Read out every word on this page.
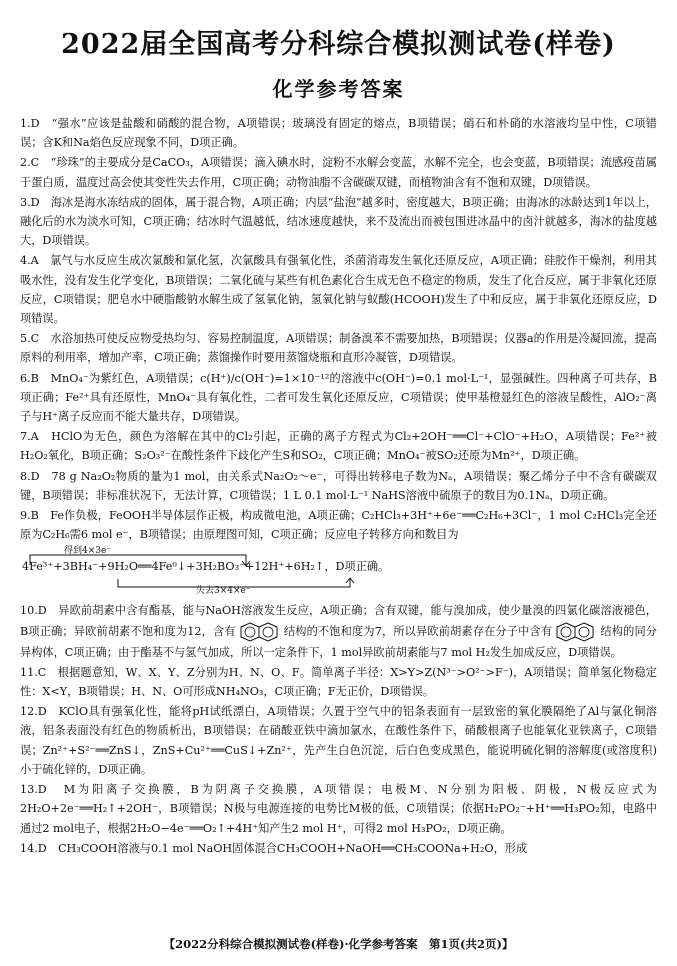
2022届全国高考分科综合模拟测试卷(样卷)
化学参考答案

1.D　“强水”应该是盐酸和硝酸的混合物，A项错误；玻璃没有固定的熔点，B项错误；硝石和朴硝的水溶液均呈中性，C项错误；含K和Na焰色反应现象不同，D项正确。

2.C　“珍珠”的主要成分是CaCO₃，A项错误；滴入碘水时，淀粉不水解会变蓝，水解不完全，也会变蓝，B项错误；流感疫苗属于蛋白质，温度过高会使其变性失去作用，C项正确；动物油脂不含碳碳双键，而植物油含有不饱和双键，D项错误。

3.D　海冰是海水冻结成的固体，属于混合物，A项正确；内层“盐泡”越多时，密度越大，B项正确；由海冰的冰龄达到1年以上，融化后的水为淡水可知，C项正确；结冰时气温越低，结冰速度越快，来不及流出而被包围进冰晶中的卤汁就越多，海冰的盐度越大，D项错误。

4.A　氯气与水反应生成次氯酸和氯化氢，次氯酸具有强氧化性，杀菌消毒发生氧化还原反应，A项正确；硅胶作干燥剂，利用其吸水性，没有发生化学变化，B项错误；二氧化硫与某些有机色素化合生成无色不稳定的物质，发生了化合反应，属于非氧化还原反应，C项错误；肥皂水中硬脂酸钠水解生成了氢氧化钠，氢氧化钠与蚁酸(HCOOH)发生了中和反应，属于非氧化还原反应，D项错误。

5.C　水浴加热可使反应物受热均匀、容易控制温度，A项错误；制备溴苯不需要加热，B项错误；仪器a的作用是冷凝回流，提高原料的利用率，增加产率，C项正确；蒸馏操作时要用蒸馏烧瓶和直形冷凝管，D项错误。

6.B　MnO₄⁻为紫红色，A项错误；c(H⁺)/c(OH⁻)=1×10⁻¹²的溶液中c(OH⁻)=0.1 mol·L⁻¹，显强碱性。四种离子可共存，B项正确；Fe²⁺具有还原性，MnO₄⁻具有氧化性，二者可发生氧化还原反应，C项错误；使甲基橙显红色的溶液呈酸性，AlO₂⁻离子与H⁺离子反应而不能大量共存，D项错误。

7.A　HClO为无色，颜色为溶解在其中的Cl₂引起，正确的离子方程式为Cl₂+2OH⁻══Cl⁻+ClO⁻+H₂O，A项错误；Fe²⁺被H₂O₂氧化，B项正确；S₂O₃²⁻在酸性条件下歧化产生S和SO₂，C项正确；MnO₄⁻被SO₂还原为Mn²⁺，D项正确。

8.D　78 g Na₂O₂物质的量为1 mol，由关系式Na₂O₂～e⁻，可得出转移电子数为Nₐ，A项错误；聚乙烯分子中不含有碳碳双键，B项错误；非标准状况下，无法计算，C项错误；1 L 0.1 mol·L⁻¹ NaHS溶液中硫原子的数目为0.1Nₐ，D项正确。

9.B　Fe作负极，FeOOH半导体层作正极，构成微电池，A项正确；C₂HCl₃+3H⁺+6e⁻══C₂H₆+3Cl⁻，1 mol C₂HCl₃完全还原为C₂H₆需6 mol e⁻，B项错误；由原理图可知，C项正确；反应电子转移方向和数目为

得到4×3e⁻
4Fe³⁺+3BH₄⁻+9H₂O══4Fe⁰↓+3H₂BO₃⁻+12H⁺+6H₂↑，D项正确。
失去3×4×e⁻

10.D　异欧前胡素中含有酯基，能与NaOH溶液发生反应，A项正确；含有双键，能与溴加成，使少量溴的四氯化碳溶液褪色，B项正确；异欧前胡素不饱和度为12，含有	结构的不饱和度为7，所以异欧前胡素存在分子中含有	结构的同分异构体，C项正确；由于酯基不与氢气加成，所以一定条件下，1 mol异欧前胡素能与7 mol H₂发生加成反应，D项错误。

11.C　根据题意知，W、X、Y、Z分别为H、N、O、F。简单离子半径：X>Y>Z(N³⁻>O²⁻>F⁻)，A项错误；简单氢化物稳定性：X<Y，B项错误；H、N、O可形成NH₄NO₃，C项正确；F无正价，D项错误。

12.D　KClO具有强氧化性，能将pH试纸漂白，A项错误；久置于空气中的铝条表面有一层致密的氧化膜隔绝了Al与氯化铜溶液，铝条表面没有红色的物质析出，B项错误；在硝酸亚铁中滴加氯水，在酸性条件下，硝酸根离子也能氧化亚铁离子，C项错误；Zn²⁺+S²⁻══ZnS↓，ZnS+Cu²⁺══CuS↓+Zn²⁺，先产生白色沉淀，后白色变成黑色，能说明硫化铜的溶解度(或溶度积)小于硫化锌的，D项正确。

13.D　M为阳离子交换膜，B为阴离子交换膜，A项错误；电极M、N分别为阳极、阴极，N极反应式为2H₂O+2e⁻══H₂↑+2OH⁻，B项错误；N极与电源连接的电势比M极的低，C项错误；依据H₂PO₂⁻+H⁺══H₃PO₂知，电路中通过2 mol电子，根据2H₂O−4e⁻══O₂↑+4H⁺知产生2 mol H⁺，可得2 mol H₃PO₂，D项正确。

14.D　CH₃COOH溶液与0.1 mol NaOH固体混合CH₃COOH+NaOH══CH₃COONa+H₂O，形成

【2022分科综合模拟测试卷(样卷)·化学参考答案　第1页(共2页)】
